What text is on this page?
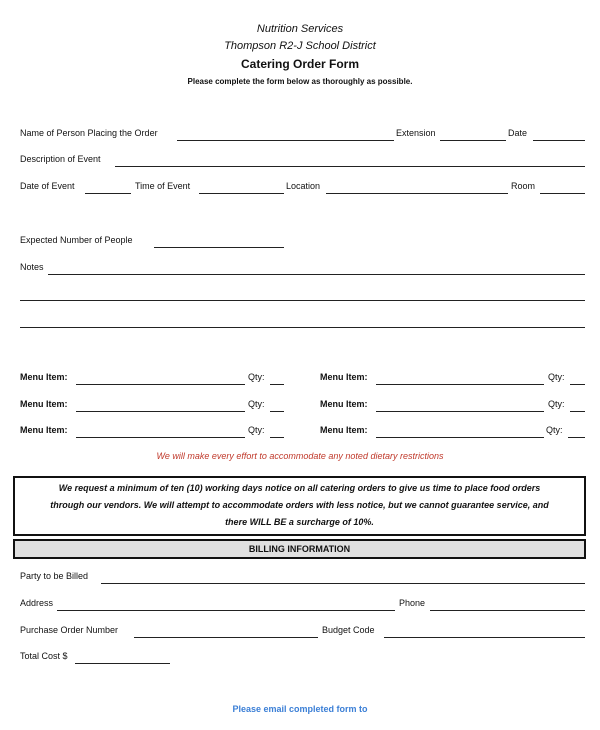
Nutrition Services
Thompson R2-J School District
Catering Order Form
Please complete the form below as thoroughly as possible.
Name of Person Placing the Order	Extension	Date
Description of Event
Date of Event	Time of Event	Location	Room
Expected Number of People
Notes
Menu Item:	Qty:	Menu Item:	Qty:
Menu Item:	Qty:	Menu Item:	Qty:
Menu Item:	Qty:	Menu Item:	Qty:
We will make every effort to accommodate any noted dietary restrictions
We request a minimum of ten (10) working days notice on all catering orders to give us time to place food orders
through our vendors. We will attempt to accommodate orders with less notice, but we cannot guarantee service, and
there WILL BE a surcharge of 10%.
BILLING INFORMATION
Party to be Billed
Address	Phone
Purchase Order Number	Budget Code
Total Cost $
Please email completed form to
